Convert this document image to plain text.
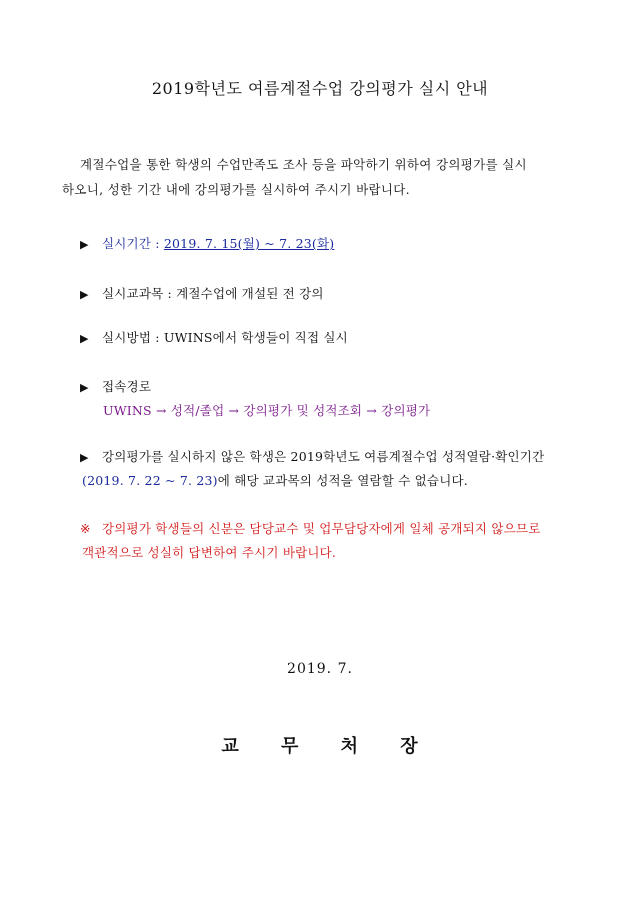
2019학년도 여름계절수업 강의평가 실시 안내
계절수업을 통한 학생의 수업만족도 조사 등을 파악하기 위하여 강의평가를 실시
하오니, 성한 기간 내에 강의평가를 실시하여 주시기 바랍니다.
▶ 실시기간 : 2019. 7. 15(월) ~ 7. 23(화)
▶ 실시교과목 : 계절수업에 개설된 전 강의
▶ 실시방법 : UWINS에서 학생들이 직접 실시
▶ 접속경로
UWINS → 성적/졸업 → 강의평가 및 성적조회 → 강의평가
▶ 강의평가를 실시하지 않은 학생은 2019학년도 여름계절수업 성적열람·확인기간
(2019. 7. 22 ~ 7. 23)에 해당 교과목의 성적을 열람할 수 없습니다.
※ 강의평가 학생들의 신분은 담당교수 및 업무담당자에게 일체 공개되지 않으므로
객관적으로 성실히 답변하여 주시기 바랍니다.
2019. 7.
교 무 처 장
